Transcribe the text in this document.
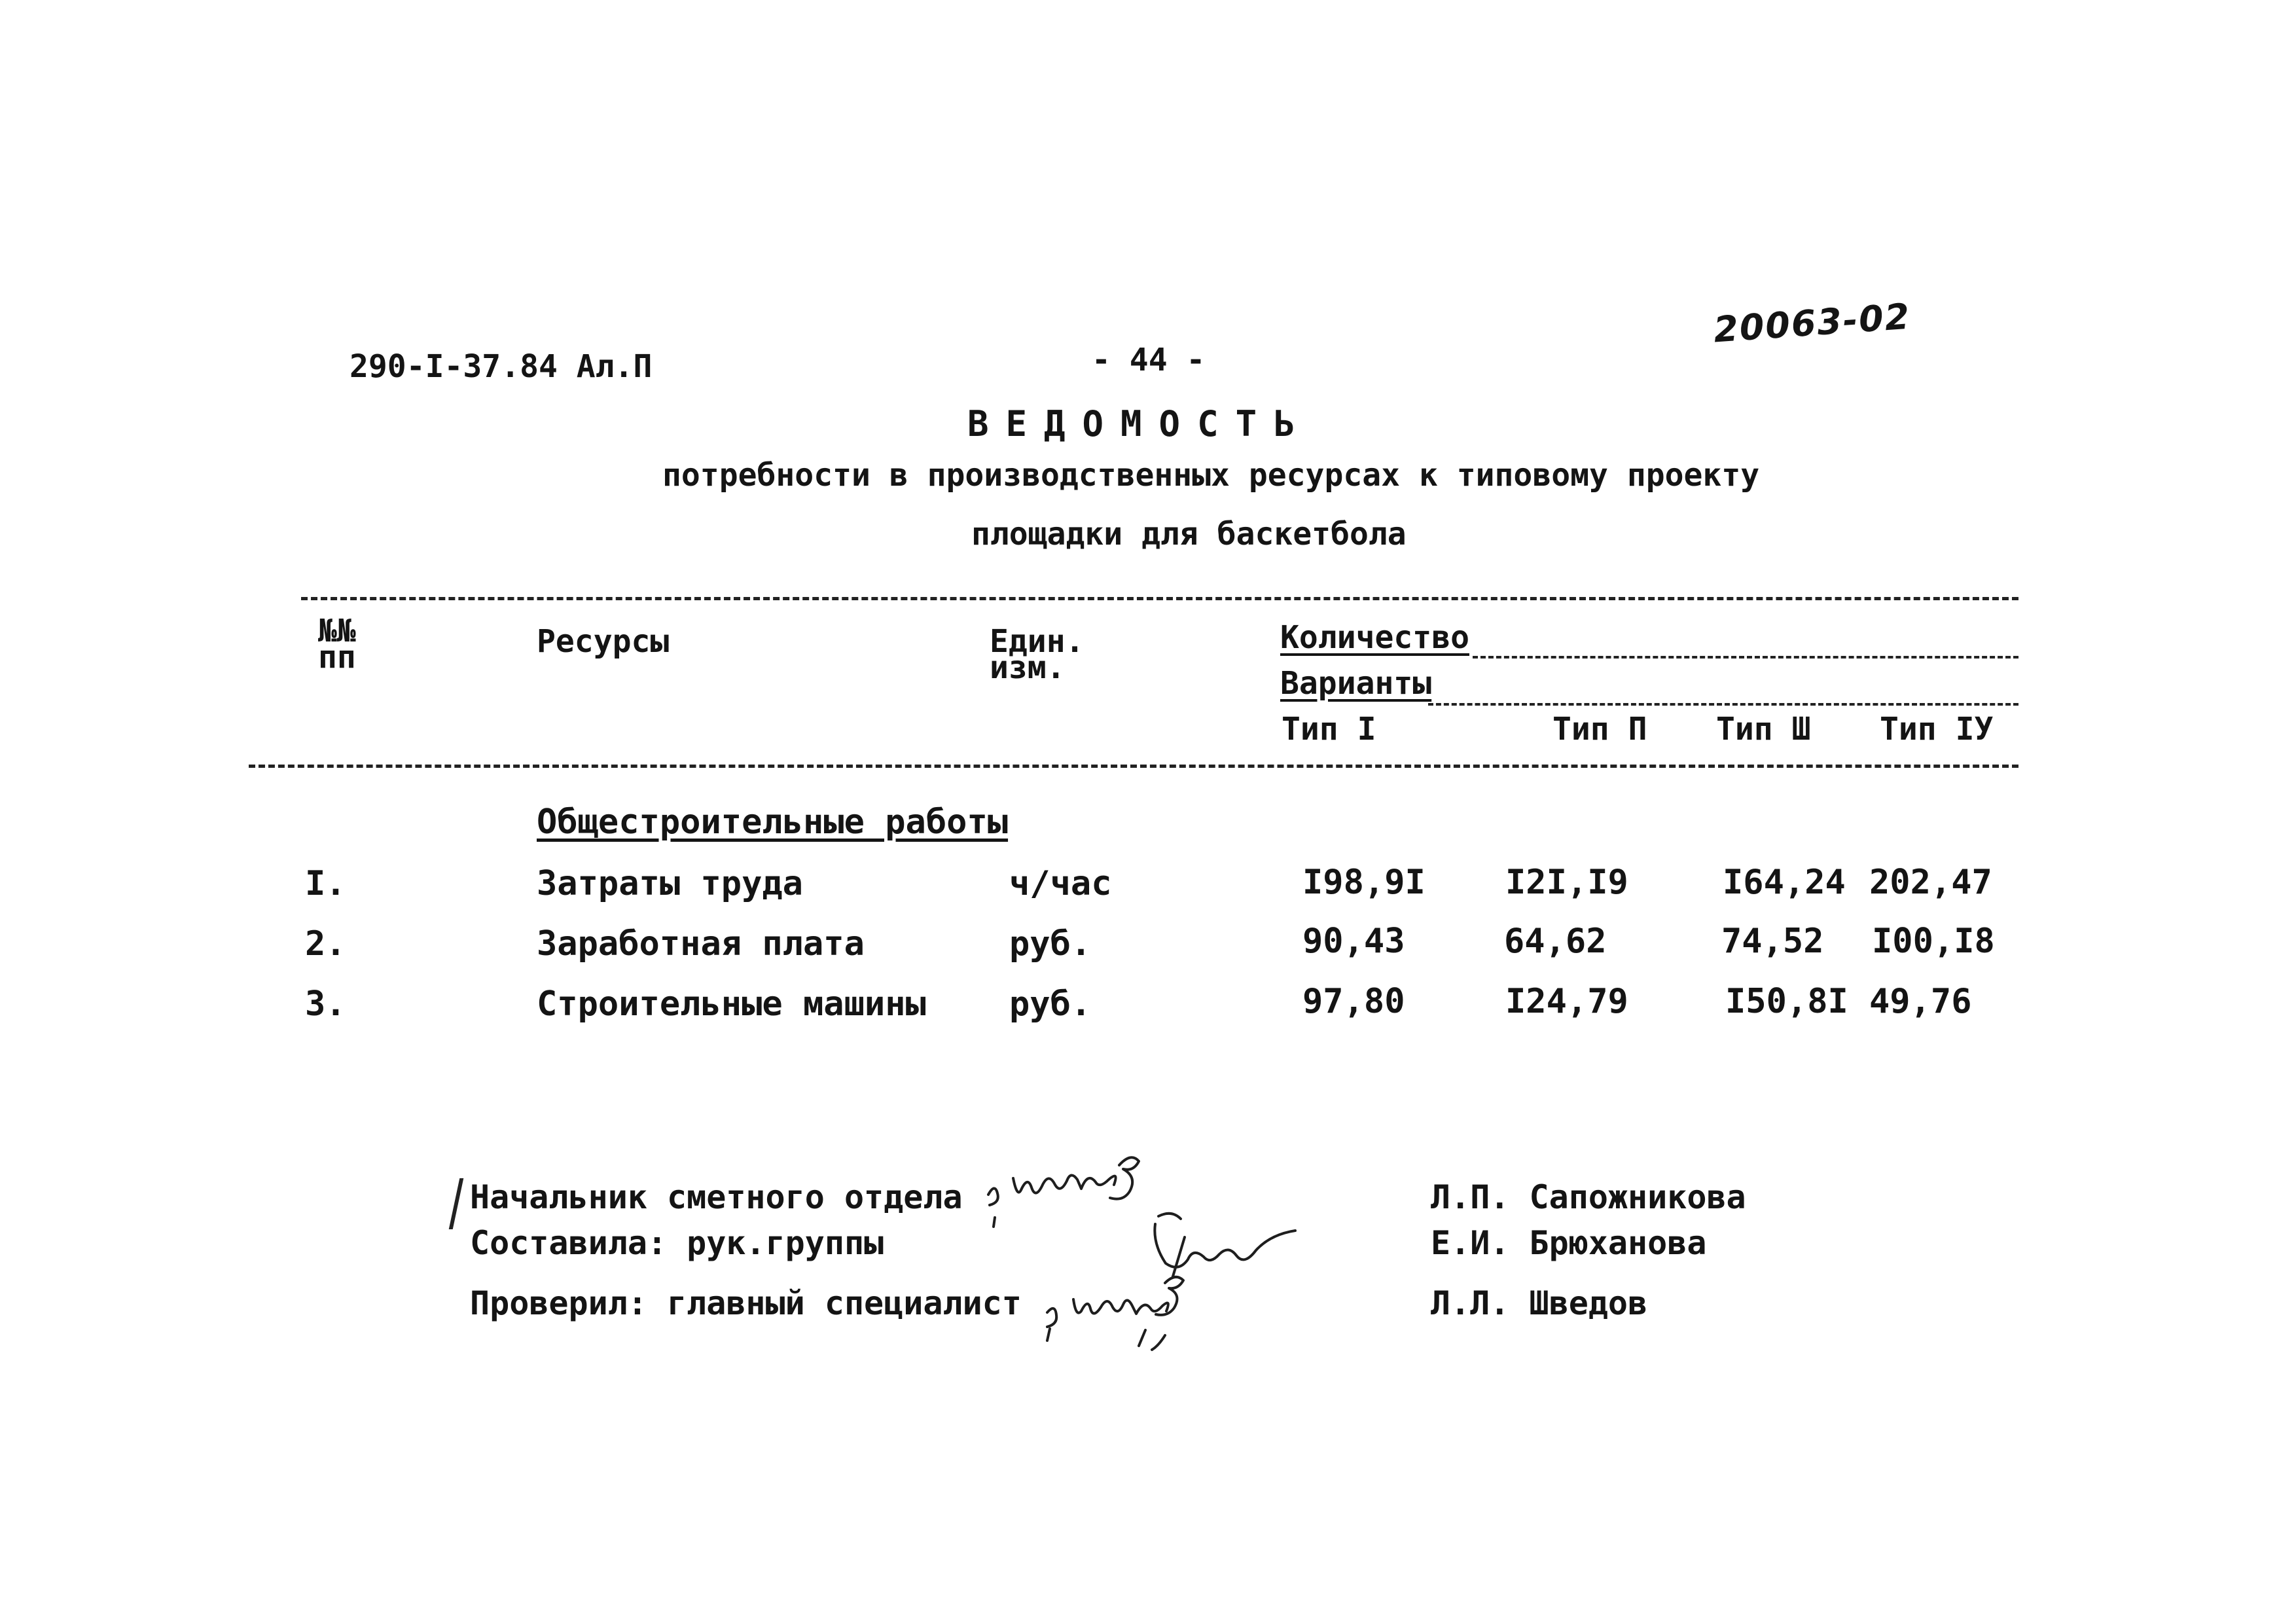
290-I-37.84 Ал.П	- 44 -
20063-02
ВЕДОМОСТЬ
потребности в производственных ресурсах к типовому проекту
площадки для баскетбола
№№
пп	Ресурсы	Един.
изм.
Количество
Варианты
Тип I	Тип П Тип Ш Тип IУ
Общестроительные работы
I.	Затраты труда	ч/час	I98,9I I2I,I9	I64,24 202,47
2.	Заработная плата	руб.	90,43	64,62	74,52 I00,I8
3.	Строительные машины руб.	97,80	I24,79	I50,8I 49,76
Начальник сметного отдела
Составила: рук.группы
Проверил: главный специалист
Л.П. Сапожникова
Е.И. Брюханова
Л.Л. Шведов
